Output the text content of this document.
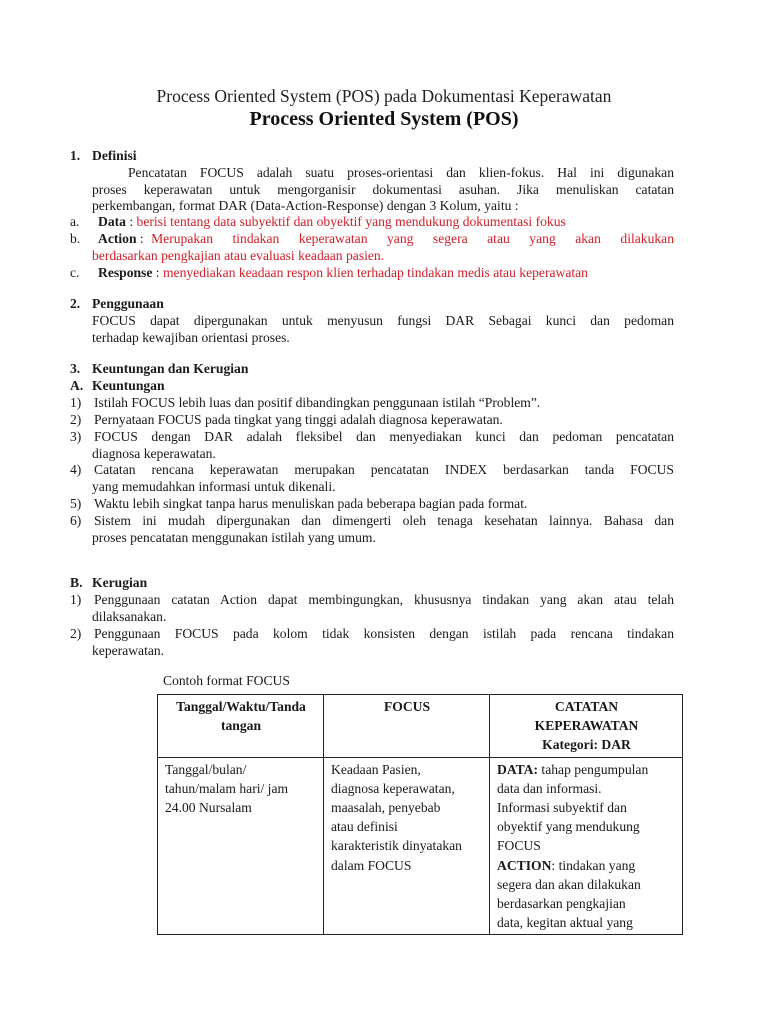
Process Oriented System (POS) pada Dokumentasi Keperawatan
Process Oriented System (POS)
1. Definisi
Pencatatan FOCUS adalah suatu proses-orientasi dan klien-fokus. Hal ini digunakan
proses keperawatan untuk mengorganisir dokumentasi asuhan. Jika menuliskan catatan
perkembangan, format DAR (Data-Action-Response) dengan 3 Kolum, yaitu :
a. Data : berisi tentang data subyektif dan obyektif yang mendukung dokumentasi fokus
b.	Action : Merupakan tindakan keperawatan yang segera atau yang akan dilakukan
berdasarkan pengkajian atau evaluasi keadaan pasien.
c. Response : menyediakan keadaan respon klien terhadap tindakan medis atau keperawatan
2. Penggunaan
FOCUS dapat dipergunakan untuk menyusun fungsi DAR Sebagai kunci dan pedoman
terhadap kewajiban orientasi proses.
3. Keuntungan dan Kerugian
A. Keuntungan
1) Istilah FOCUS lebih luas dan positif dibandingkan penggunaan istilah “Problem”.
2) Pernyataan FOCUS pada tingkat yang tinggi adalah diagnosa keperawatan.
3) FOCUS dengan DAR adalah fleksibel dan menyediakan kunci dan pedoman pencatatan
diagnosa keperawatan.
4) Catatan rencana keperawatan merupakan pencatatan INDEX berdasarkan tanda FOCUS
yang memudahkan informasi untuk dikenali.
5) Waktu lebih singkat tanpa harus menuliskan pada beberapa bagian pada format.
6) Sistem ini mudah dipergunakan dan dimengerti oleh tenaga kesehatan lainnya. Bahasa dan
proses pencatatan menggunakan istilah yang umum.
B. Kerugian
1) Penggunaan catatan Action dapat membingungkan, khususnya tindakan yang akan atau telah
dilaksanakan.
2) Penggunaan FOCUS pada kolom tidak konsisten dengan istilah pada rencana tindakan
keperawatan.
Contoh format FOCUS
Tanggal/Waktu/Tanda
tangan	FOCUS	CATATAN
KEPERAWATAN
Kategori: DAR

Tanggal/bulan/
tahun/malam hari/ jam
24.00 Nursalam

Keadaan Pasien,
diagnosa keperawatan,
maasalah, penyebab
atau definisi
karakteristik dinyatakan
dalam FOCUS

DATA: tahap pengumpulan
data dan informasi.
Informasi subyektif dan
obyektif yang mendukung
FOCUS
ACTION: tindakan yang
segera dan akan dilakukan
berdasarkan pengkajian
data, kegitan aktual yang
